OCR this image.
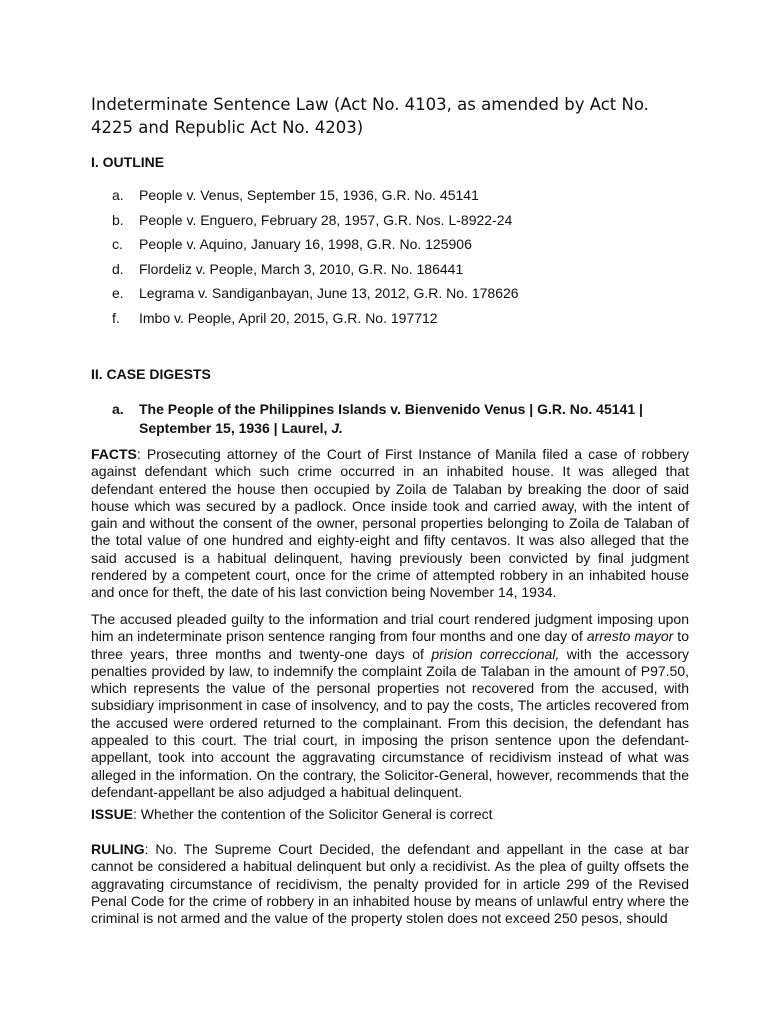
Indeterminate Sentence Law (Act No. 4103, as amended by Act No. 4225 and Republic Act No. 4203)
I. OUTLINE
a. People v. Venus, September 15, 1936, G.R. No. 45141
b. People v. Enguero, February 28, 1957, G.R. Nos. L-8922-24
c. People v. Aquino, January 16, 1998, G.R. No. 125906
d. Flordeliz v. People, March 3, 2010, G.R. No. 186441
e. Legrama v. Sandiganbayan, June 13, 2012, G.R. No. 178626
f. Imbo v. People, April 20, 2015, G.R. No. 197712
II. CASE DIGESTS
a. The People of the Philippines Islands v. Bienvenido Venus | G.R. No. 45141 |
September 15, 1936 | Laurel, J.

FACTS: Prosecuting attorney of the Court of First Instance of Manila filed a case of robbery against defendant which such crime occurred in an inhabited house. It was alleged that defendant entered the house then occupied by Zoila de Talaban by breaking the door of said house which was secured by a padlock. Once inside took and carried away, with the intent of gain and without the consent of the owner, personal properties belonging to Zoila de Talaban of the total value of one hundred and eighty-eight and fifty centavos. It was also alleged that the said accused is a habitual delinquent, having previously been convicted by final judgment rendered by a competent court, once for the crime of attempted robbery in an inhabited house and once for theft, the date of his last conviction being November 14, 1934.

The accused pleaded guilty to the information and trial court rendered judgment imposing upon him an indeterminate prison sentence ranging from four months and one day of arresto mayor to three years, three months and twenty-one days of prision correccional, with the accessory penalties provided by law, to indemnify the complaint Zoila de Talaban in the amount of P97.50, which represents the value of the personal properties not recovered from the accused, with subsidiary imprisonment in case of insolvency, and to pay the costs, The articles recovered from the accused were ordered returned to the complainant. From this decision, the defendant has appealed to this court. The trial court, in imposing the prison sentence upon the defendant-appellant, took into account the aggravating circumstance of recidivism instead of what was alleged in the information. On the contrary, the Solicitor-General, however, recommends that the defendant-appellant be also adjudged a habitual delinquent.

ISSUE: Whether the contention of the Solicitor General is correct

RULING: No. The Supreme Court Decided, the defendant and appellant in the case at bar cannot be considered a habitual delinquent but only a recidivist. As the plea of guilty offsets the aggravating circumstance of recidivism, the penalty provided for in article 299 of the Revised Penal Code for the crime of robbery in an inhabited house by means of unlawful entry where the criminal is not armed and the value of the property stolen does not exceed 250 pesos, should
